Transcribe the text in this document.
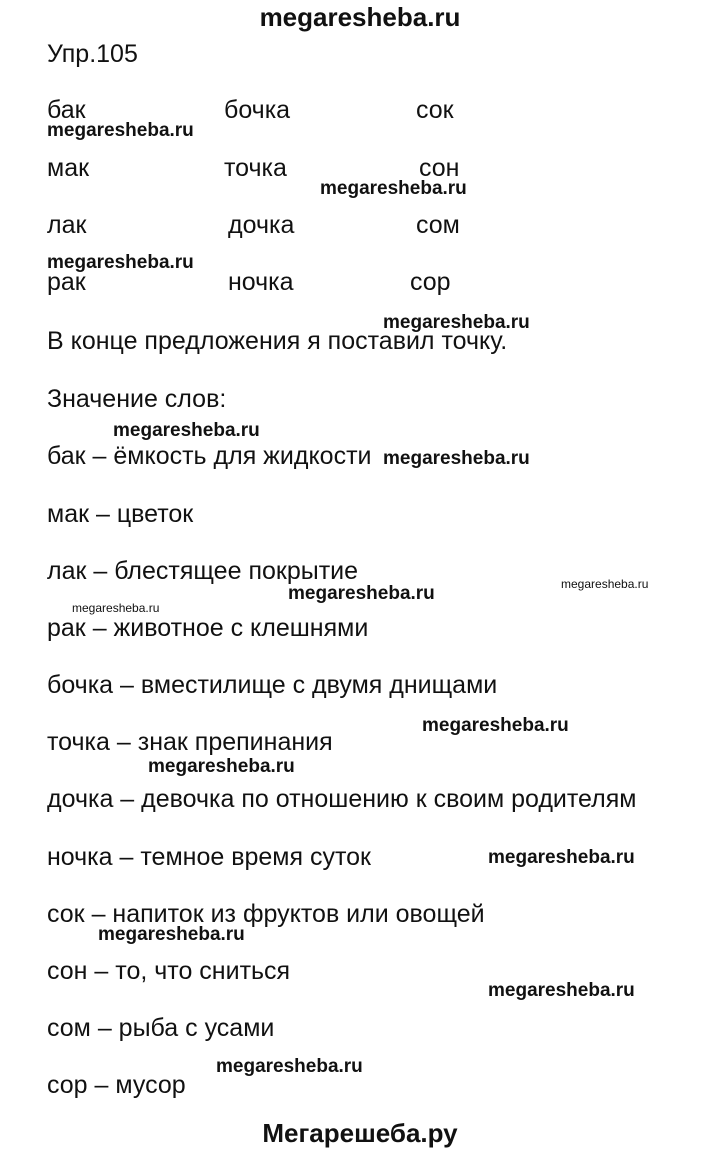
megaresheba.ru
Упр.105
бак	бочка	сок
мак	точка	сон
лак	дочка	сом
рак	ночка	сор
В конце предложения я поставил точку.
Значение слов:
бак – ёмкость для жидкости
мак – цветок
лак – блестящее покрытие
рак – животное с клешнями
бочка – вместилище с двумя днищами
точка – знак препинания
дочка – девочка по отношению к своим родителям
ночка – темное время суток
сок – напиток из фруктов или овощей
сон – то, что сниться
сом – рыба с усами
сор – мусор
megaresheba.ru
megaresheba.ru
megaresheba.ru
megaresheba.ru
megaresheba.ru
megaresheba.ru
megaresheba.ru
megaresheba.ru
megaresheba.ru
megaresheba.ru
megaresheba.ru
megaresheba.ru
megaresheba.ru
megaresheba.ru
megaresheba.ru
Мегарешеба.ру
